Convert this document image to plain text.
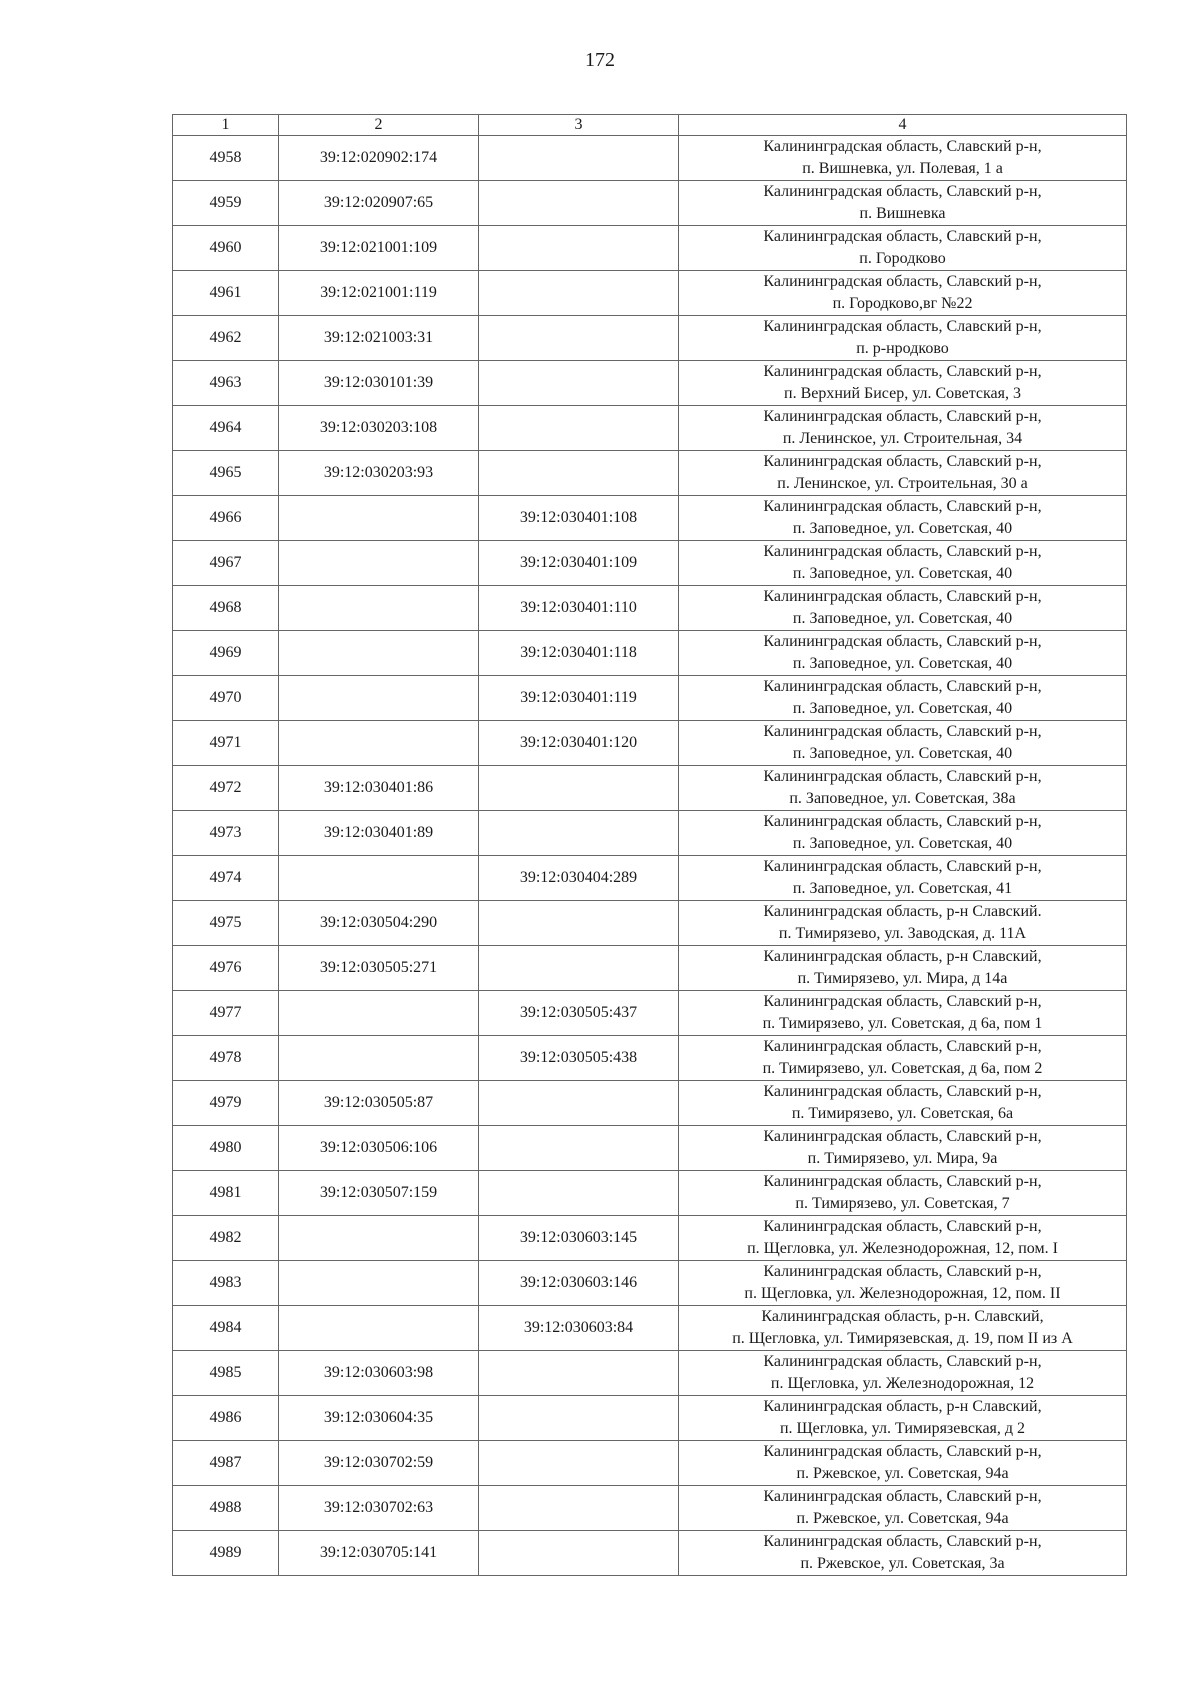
172
1	2	3	4
4958	39:12:020902:174		Калининградская область, Славский р-н,
п. Вишневка, ул. Полевая, 1 а

4959	39:12:020907:65		Калининградская область, Славский р-н,
п. Вишневка

4960	39:12:021001:109		Калининградская область, Славский р-н,
п. Городково

4961	39:12:021001:119		Калининградская область, Славский р-н,
п. Городково,вг №22

4962	39:12:021003:31		Калининградская область, Славский р-н,
п. р-нродково

4963	39:12:030101:39		Калининградская область, Славский р-н,
п. Верхний Бисер, ул. Советская, 3

4964	39:12:030203:108		Калининградская область, Славский р-н,
п. Ленинское, ул. Строительная, 34

4965	39:12:030203:93		Калининградская область, Славский р-н,
п. Ленинское, ул. Строительная, 30 а

4966		39:12:030401:108	Калининградская область, Славский р-н,
п. Заповедное, ул. Советская, 40

4967		39:12:030401:109	Калининградская область, Славский р-н,
п. Заповедное, ул. Советская, 40

4968		39:12:030401:110	Калининградская область, Славский р-н,
п. Заповедное, ул. Советская, 40

4969		39:12:030401:118	Калининградская область, Славский р-н,
п. Заповедное, ул. Советская, 40

4970		39:12:030401:119	Калининградская область, Славский р-н,
п. Заповедное, ул. Советская, 40

4971		39:12:030401:120	Калининградская область, Славский р-н,
п. Заповедное, ул. Советская, 40

4972	39:12:030401:86		Калининградская область, Славский р-н,
п. Заповедное, ул. Советская, 38а

4973	39:12:030401:89		Калининградская область, Славский р-н,
п. Заповедное, ул. Советская, 40

4974		39:12:030404:289	Калининградская область, Славский р-н,
п. Заповедное, ул. Советская, 41

4975	39:12:030504:290		Калининградская область, р-н Славский.
п. Тимирязево, ул. Заводская, д. 11А

4976	39:12:030505:271		Калининградская область, р-н Славский,
п. Тимирязево, ул. Мира, д 14а

4977		39:12:030505:437	Калининградская область, Славский р-н,
п. Тимирязево, ул. Советская, д 6а, пом 1

4978		39:12:030505:438	Калининградская область, Славский р-н,
п. Тимирязево, ул. Советская, д 6а, пом 2

4979	39:12:030505:87		Калининградская область, Славский р-н,
п. Тимирязево, ул. Советская, 6а

4980	39:12:030506:106		Калининградская область, Славский р-н,
п. Тимирязево, ул. Мира, 9а

4981	39:12:030507:159		Калининградская область, Славский р-н,
п. Тимирязево, ул. Советская, 7

4982		39:12:030603:145	Калининградская область, Славский р-н,
п. Щегловка, ул. Железнодорожная, 12, пом. I

4983		39:12:030603:146	Калининградская область, Славский р-н,
п. Щегловка, ул. Железнодорожная, 12, пом. II

4984		39:12:030603:84	Калининградская область, р-н. Славский,
п. Щегловка, ул. Тимирязевская, д. 19, пом II из А

4985	39:12:030603:98		Калининградская область, Славский р-н,
п. Щегловка, ул. Железнодорожная, 12

4986	39:12:030604:35		Калининградская область, р-н Славский,
п. Щегловка, ул. Тимирязевская, д 2

4987	39:12:030702:59		Калининградская область, Славский р-н,
п. Ржевское, ул. Советская, 94а

4988	39:12:030702:63		Калининградская область, Славский р-н,
п. Ржевское, ул. Советская, 94а

4989	39:12:030705:141		Калининградская область, Славский р-н,
п. Ржевское, ул. Советская, 3а
